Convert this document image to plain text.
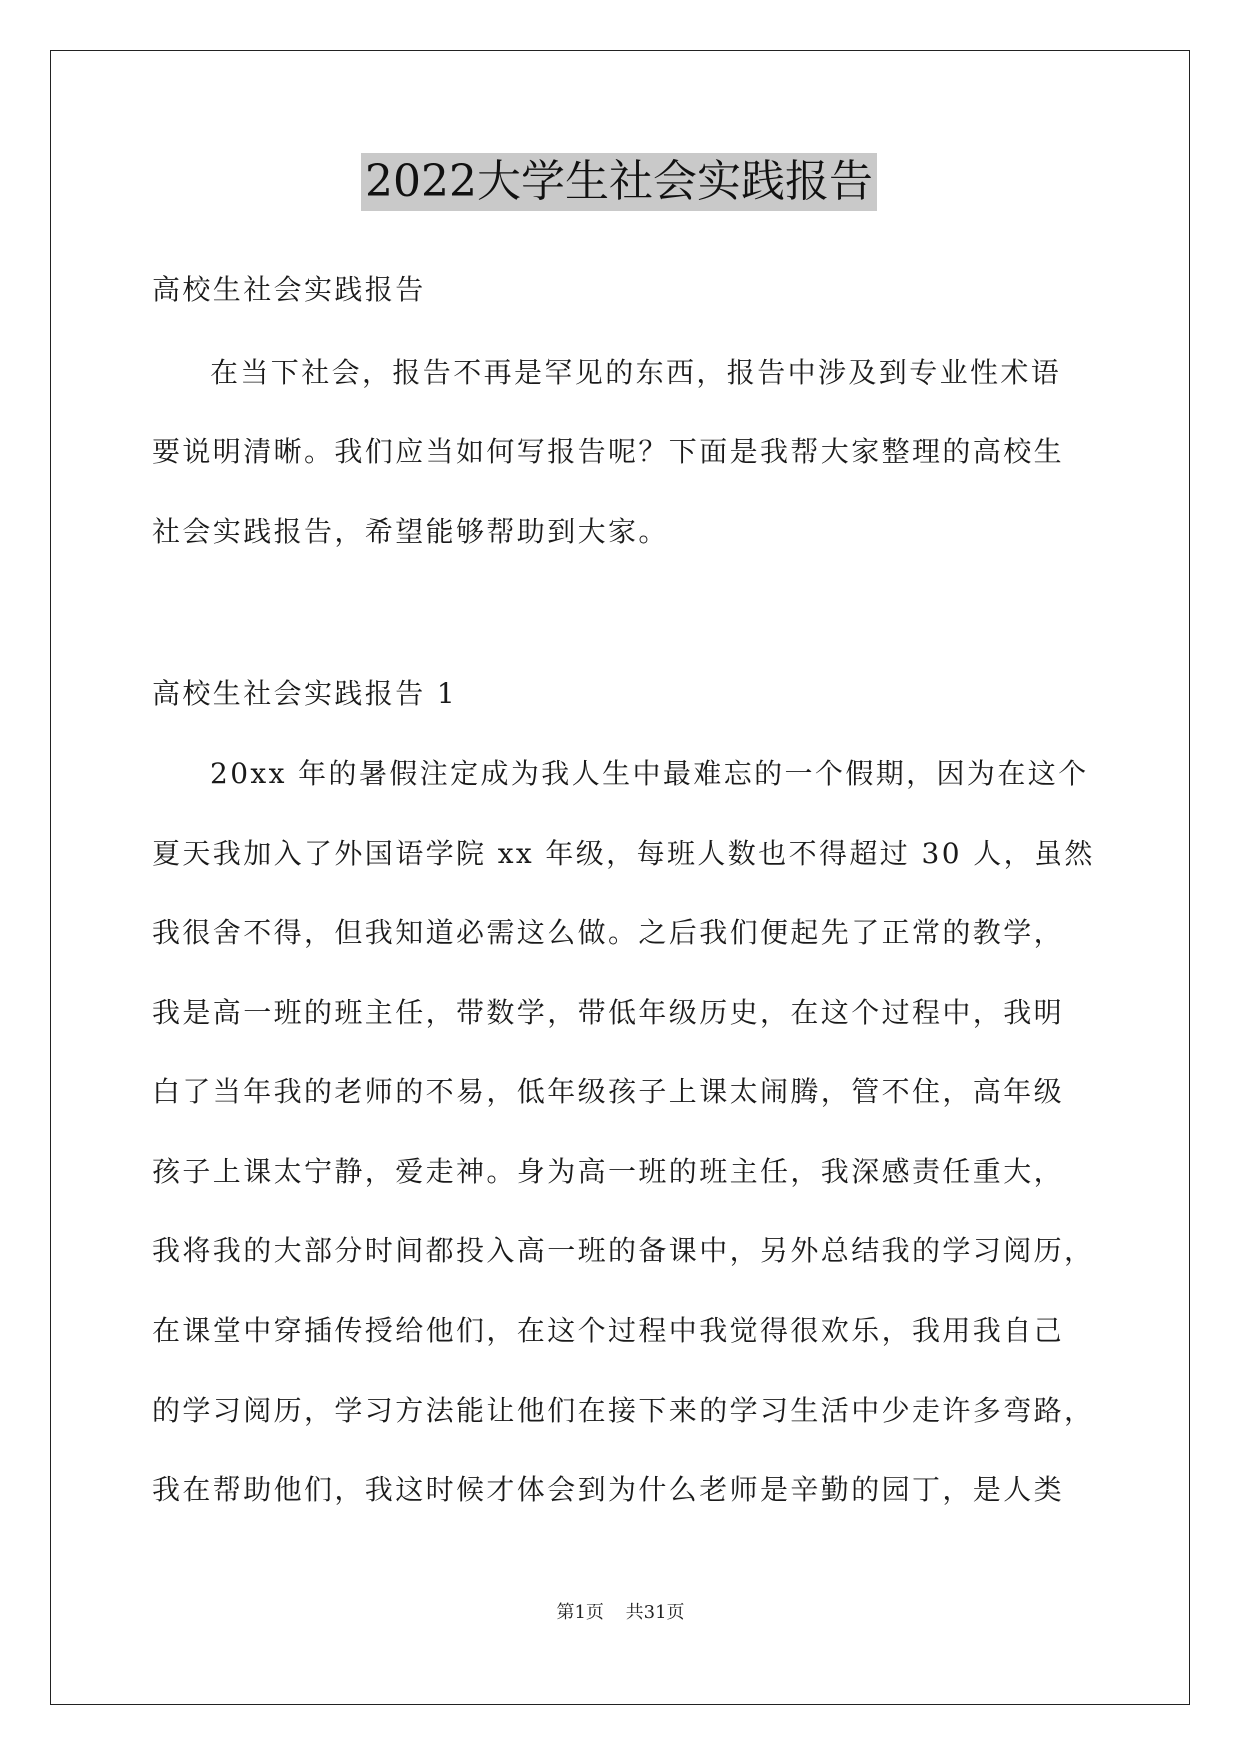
2022大学生社会实践报告
高校生社会实践报告
在当下社会，报告不再是罕见的东西，报告中涉及到专业性术语
要说明清晰。我们应当如何写报告呢？下面是我帮大家整理的高校生
社会实践报告，希望能够帮助到大家。
高校生社会实践报告 1
20xx 年的暑假注定成为我人生中最难忘的一个假期，因为在这个
夏天我加入了外国语学院 xx 年级，每班人数也不得超过 30 人，虽然
我很舍不得，但我知道必需这么做。之后我们便起先了正常的教学，
我是高一班的班主任，带数学，带低年级历史，在这个过程中，我明
白了当年我的老师的不易，低年级孩子上课太闹腾，管不住，高年级
孩子上课太宁静，爱走神。身为高一班的班主任，我深感责任重大，
我将我的大部分时间都投入高一班的备课中，另外总结我的学习阅历，
在课堂中穿插传授给他们，在这个过程中我觉得很欢乐，我用我自己
的学习阅历，学习方法能让他们在接下来的学习生活中少走许多弯路，
我在帮助他们，我这时候才体会到为什么老师是辛勤的园丁，是人类
第1页 共31页
